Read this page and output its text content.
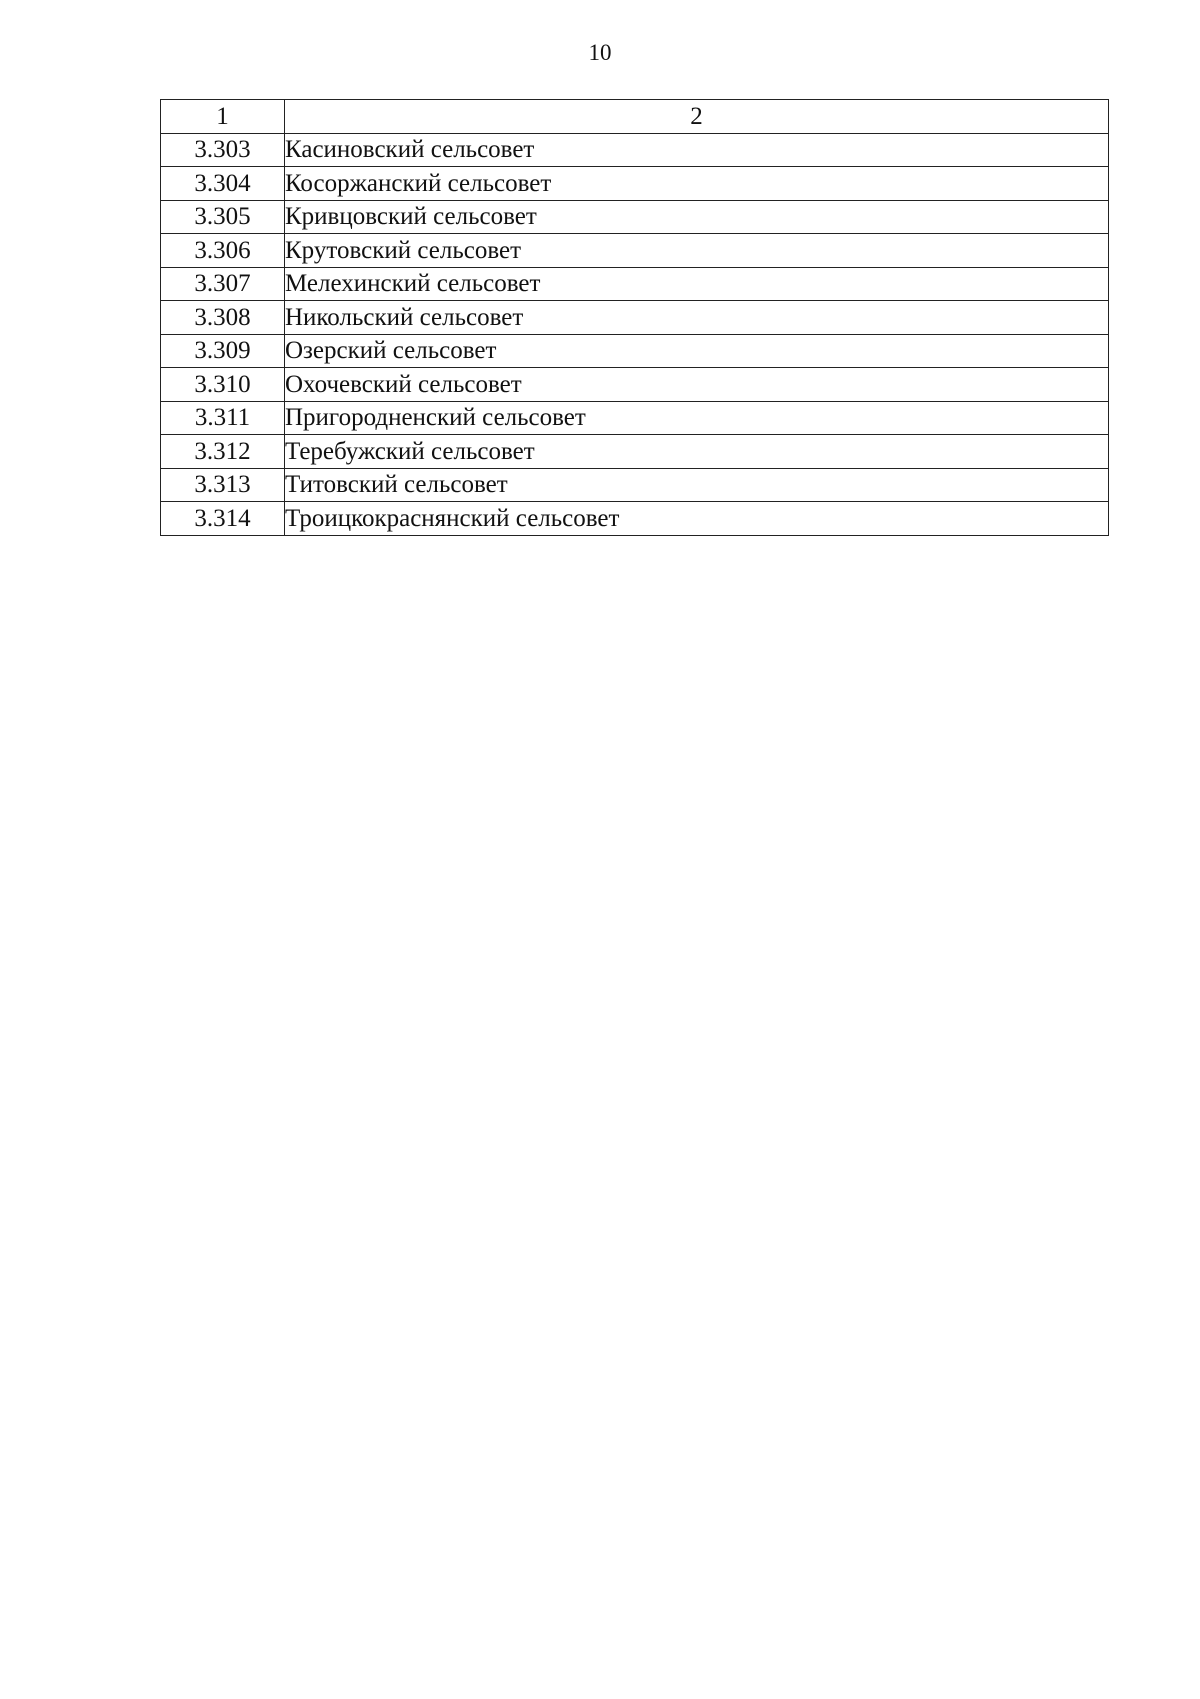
10
1	2
3.303	Касиновский сельсовет
3.304	Косоржанский сельсовет
3.305	Кривцовский сельсовет
3.306	Крутовский сельсовет
3.307	Мелехинский сельсовет
3.308	Никольский сельсовет
3.309	Озерский сельсовет
3.310	Охочевский сельсовет
3.311	Пригородненский сельсовет
3.312	Теребужский сельсовет
3.313	Титовский сельсовет
3.314	Троицкокраснянский сельсовет
